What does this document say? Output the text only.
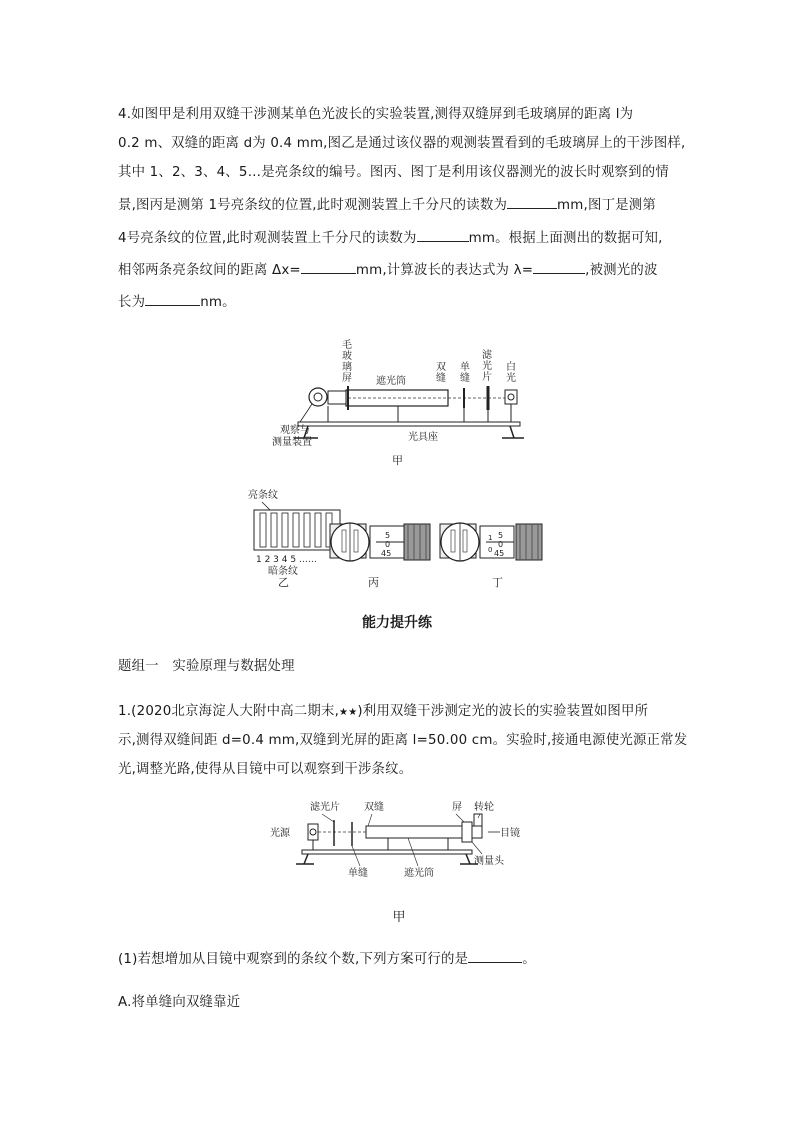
4.如图甲是利用双缝干涉测某单色光波长的实验装置,测得双缝屏到毛玻璃屏的距离 l为
0.2 m、双缝的距离 d为 0.4 mm,图乙是通过该仪器的观测装置看到的毛玻璃屏上的干涉图样,
其中 1、2、3、4、5…是亮条纹的编号。图丙、图丁是利用该仪器测光的波长时观察到的情
景,图丙是测第 1号亮条纹的位置,此时观测装置上千分尺的读数为	mm,图丁是测第
4号亮条纹的位置,此时观测装置上千分尺的读数为	mm。根据上面测出的数据可知,
相邻两条亮条纹间的距离 Δx=	mm,计算波长的表达式为 λ=	,被测光的波
长为	nm。
毛
玻
璃
屏 遮光筒
双
缝
单
缝
滤
光
片
白
光
观察与
测量装置	光具座
甲
亮条纹
1 2 3 4 5 ……
暗条纹
乙
5
0
45
丙
1
0
5
0
45
丁
能力提升练
题组一　实验原理与数据处理
1.(2020北京海淀人大附中高二期末,★★)利用双缝干涉测定光的波长的实验装置如图甲所
示,测得双缝间距 d=0.4 mm,双缝到光屏的距离 l=50.00 cm。实验时,接通电源使光源正常发
光,调整光路,使得从目镜中可以观察到干涉条纹。
滤光片 双缝	屏 转轮
光源	目镜
测量头
单缝	遮光筒
甲
(1)若想增加从目镜中观察到的条纹个数,下列方案可行的是	。
A.将单缝向双缝靠近
